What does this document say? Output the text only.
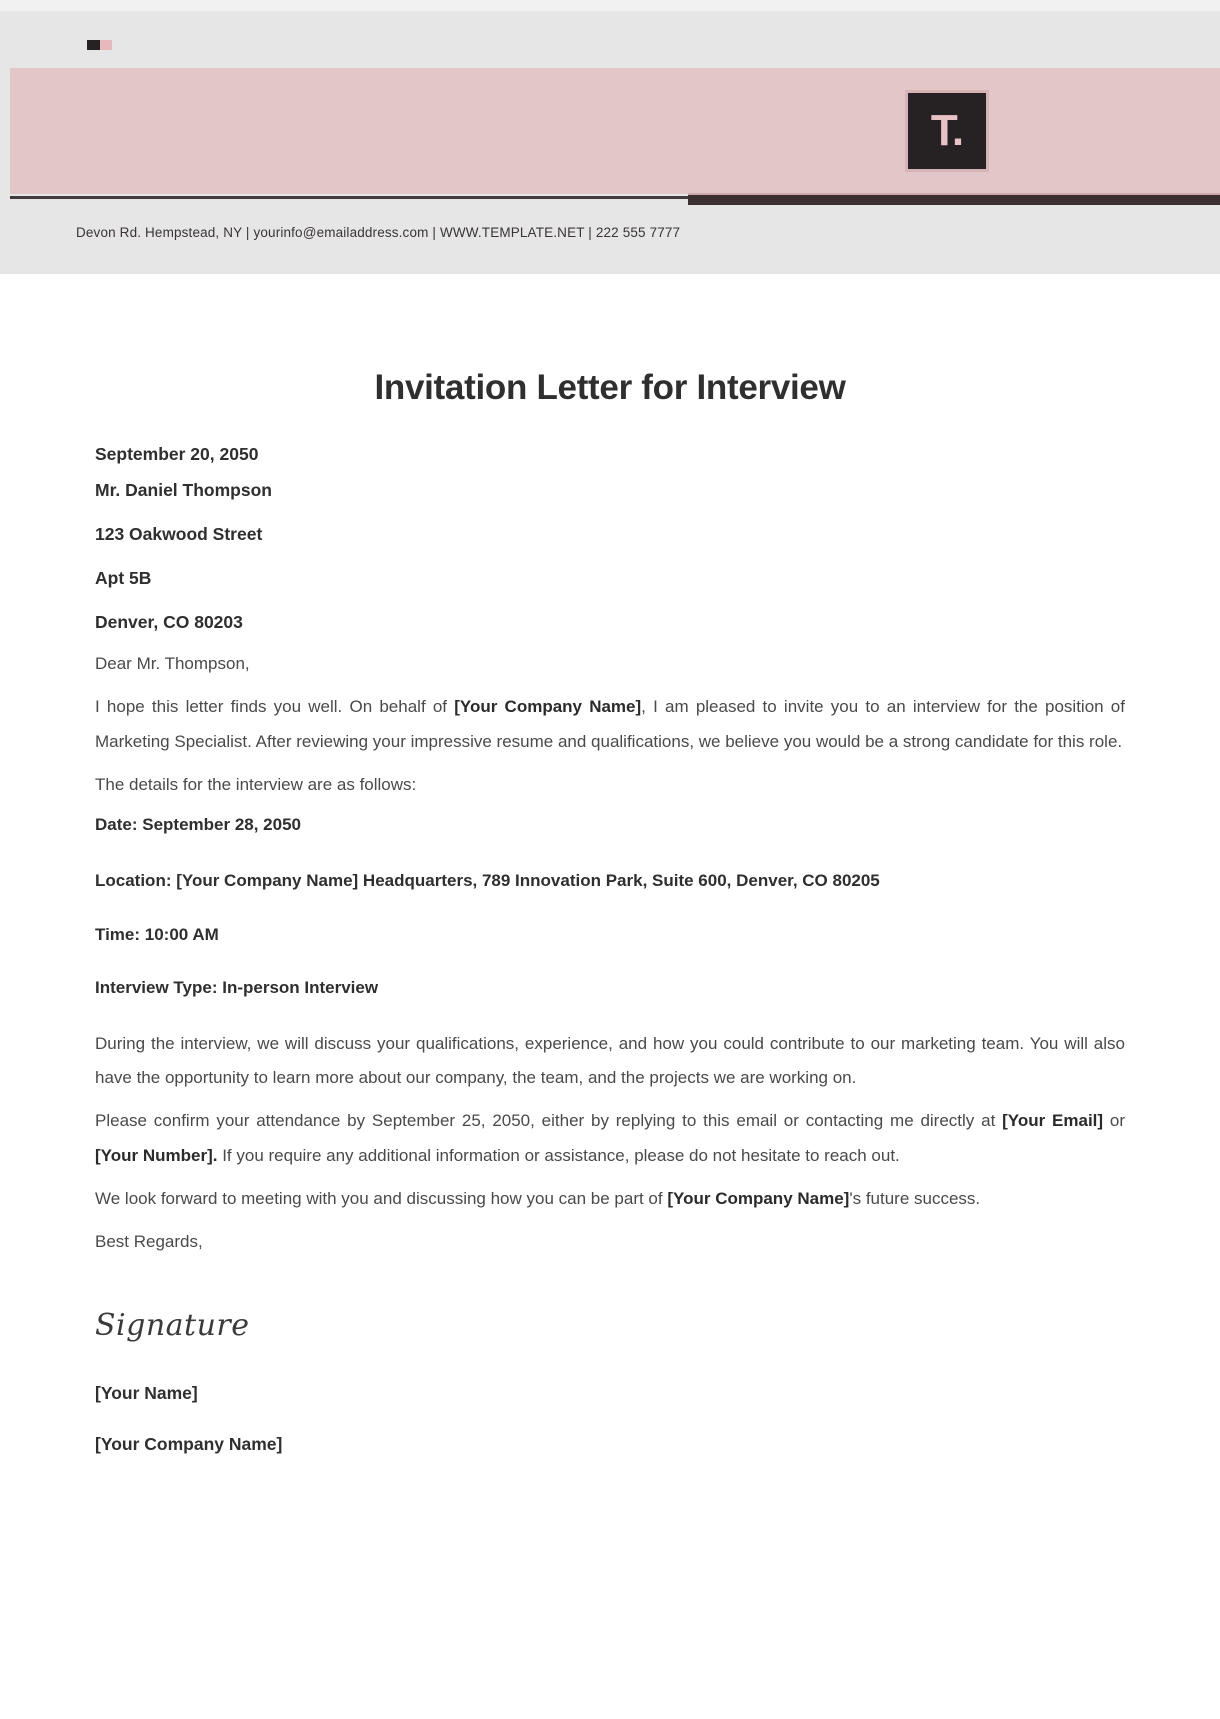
T.
Devon Rd. Hempstead, NY | yourinfo@emailaddress.com | WWW.TEMPLATE.NET | 222 555 7777
Invitation Letter for Interview

September 20, 2050

Mr. Daniel Thompson

123 Oakwood Street

Apt 5B

Denver, CO 80203

Dear Mr. Thompson,

I hope this letter finds you well. On behalf of [Your Company Name], I am pleased to invite you to an interview for the position of Marketing Specialist. After reviewing your impressive resume and qualifications, we believe you would be a strong candidate for this role.

The details for the interview are as follows:

Date: September 28, 2050

Location: [Your Company Name] Headquarters, 789 Innovation Park, Suite 600, Denver, CO 80205

Time: 10:00 AM

Interview Type: In-person Interview

During the interview, we will discuss your qualifications, experience, and how you could contribute to our marketing team. You will also have the opportunity to learn more about our company, the team, and the projects we are working on.

Please confirm your attendance by September 25, 2050, either by replying to this email or contacting me directly at [Your Email] or [Your Number]. If you require any additional information or assistance, please do not hesitate to reach out.

We look forward to meeting with you and discussing how you can be part of [Your Company Name]'s future success.

Best Regards,

Signature

[Your Name]

[Your Company Name]
